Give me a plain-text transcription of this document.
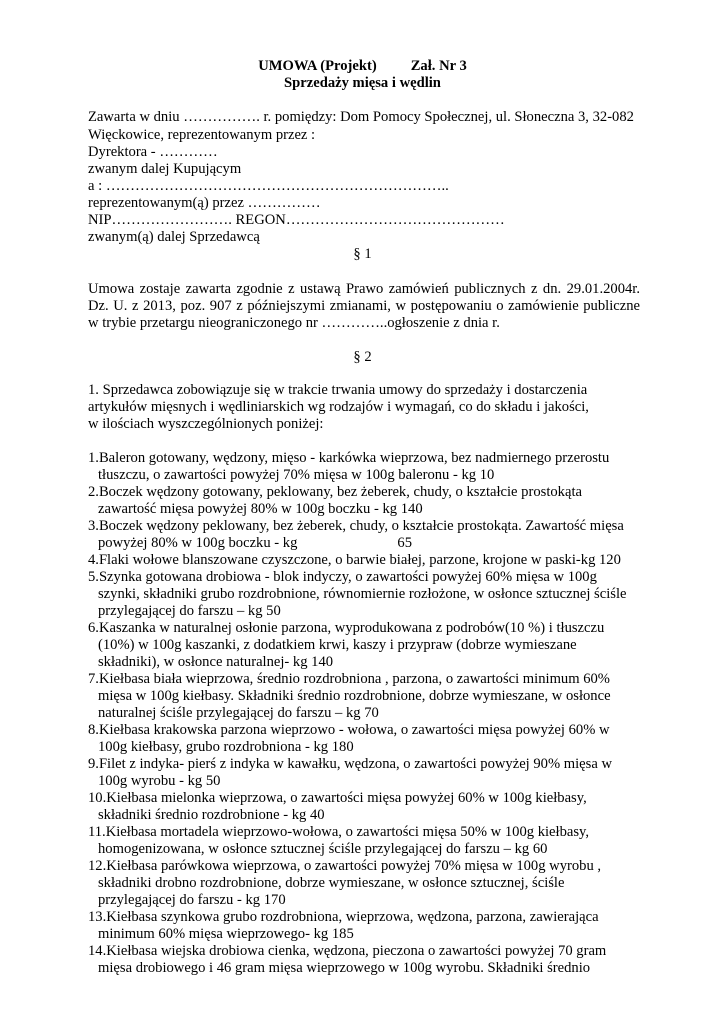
UMOWA (Projekt) Zał. Nr 3
Sprzedaży mięsa i wędlin
Zawarta w dniu ……………. r. pomiędzy: Dom Pomocy Społecznej, ul. Słoneczna 3, 32-082
Więckowice, reprezentowanym przez :
Dyrektora - …………
zwanym dalej Kupującym
a : ……………………………………………………………..
reprezentowanym(ą) przez ……………
NIP……………………. REGON………………………………………
zwanym(ą) dalej Sprzedawcą
§ 1
Umowa zostaje zawarta zgodnie z ustawą Prawo zamówień publicznych z dn. 29.01.2004r.
Dz. U. z 2013, poz. 907 z późniejszymi zmianami, w postępowaniu o zamówienie publiczne
w trybie przetargu nieograniczonego nr …………..ogłoszenie z dnia r.
§ 2
1. Sprzedawca zobowiązuje się w trakcie trwania umowy do sprzedaży i dostarczenia
artykułów mięsnych i wędliniarskich wg rodzajów i wymagań, co do składu i jakości,
w ilościach wyszczególnionych poniżej:
1.Baleron gotowany, wędzony, mięso - karkówka wieprzowa, bez nadmiernego przerostu
tłuszczu, o zawartości powyżej 70% mięsa w 100g baleronu - kg 10
2.Boczek wędzony gotowany, peklowany, bez żeberek, chudy, o kształcie prostokąta
zawartość mięsa powyżej 80% w 100g boczku - kg 140
3.Boczek wędzony peklowany, bez żeberek, chudy, o kształcie prostokąta. Zawartość mięsa
powyżej 80% w 100g boczku - kg	65
4.Flaki wołowe blanszowane czyszczone, o barwie białej, parzone, krojone w paski-kg 120
5.Szynka gotowana drobiowa - blok indyczy, o zawartości powyżej 60% mięsa w 100g
szynki, składniki grubo rozdrobnione, równomiernie rozłożone, w osłonce sztucznej ściśle
przylegającej do farszu – kg 50
6.Kaszanka w naturalnej osłonie parzona, wyprodukowana z podrobów(10 %) i tłuszczu
(10%) w 100g kaszanki, z dodatkiem krwi, kaszy i przypraw (dobrze wymieszane
składniki), w osłonce naturalnej- kg 140
7.Kiełbasa biała wieprzowa, średnio rozdrobniona , parzona, o zawartości minimum 60%
mięsa w 100g kiełbasy. Składniki średnio rozdrobnione, dobrze wymieszane, w osłonce
naturalnej ściśle przylegającej do farszu – kg 70
8.Kiełbasa krakowska parzona wieprzowo - wołowa, o zawartości mięsa powyżej 60% w
100g kiełbasy, grubo rozdrobniona - kg 180
9.Filet z indyka- pierś z indyka w kawałku, wędzona, o zawartości powyżej 90% mięsa w
100g wyrobu - kg 50
10.Kiełbasa mielonka wieprzowa, o zawartości mięsa powyżej 60% w 100g kiełbasy,
składniki średnio rozdrobnione - kg 40
11.Kiełbasa mortadela wieprzowo-wołowa, o zawartości mięsa 50% w 100g kiełbasy,
homogenizowana, w osłonce sztucznej ściśle przylegającej do farszu – kg 60
12.Kiełbasa parówkowa wieprzowa, o zawartości powyżej 70% mięsa w 100g wyrobu ,
składniki drobno rozdrobnione, dobrze wymieszane, w osłonce sztucznej, ściśle
przylegającej do farszu - kg 170
13.Kiełbasa szynkowa grubo rozdrobniona, wieprzowa, wędzona, parzona, zawierająca
minimum 60% mięsa wieprzowego- kg 185
14.Kiełbasa wiejska drobiowa cienka, wędzona, pieczona o zawartości powyżej 70 gram
mięsa drobiowego i 46 gram mięsa wieprzowego w 100g wyrobu. Składniki średnio
